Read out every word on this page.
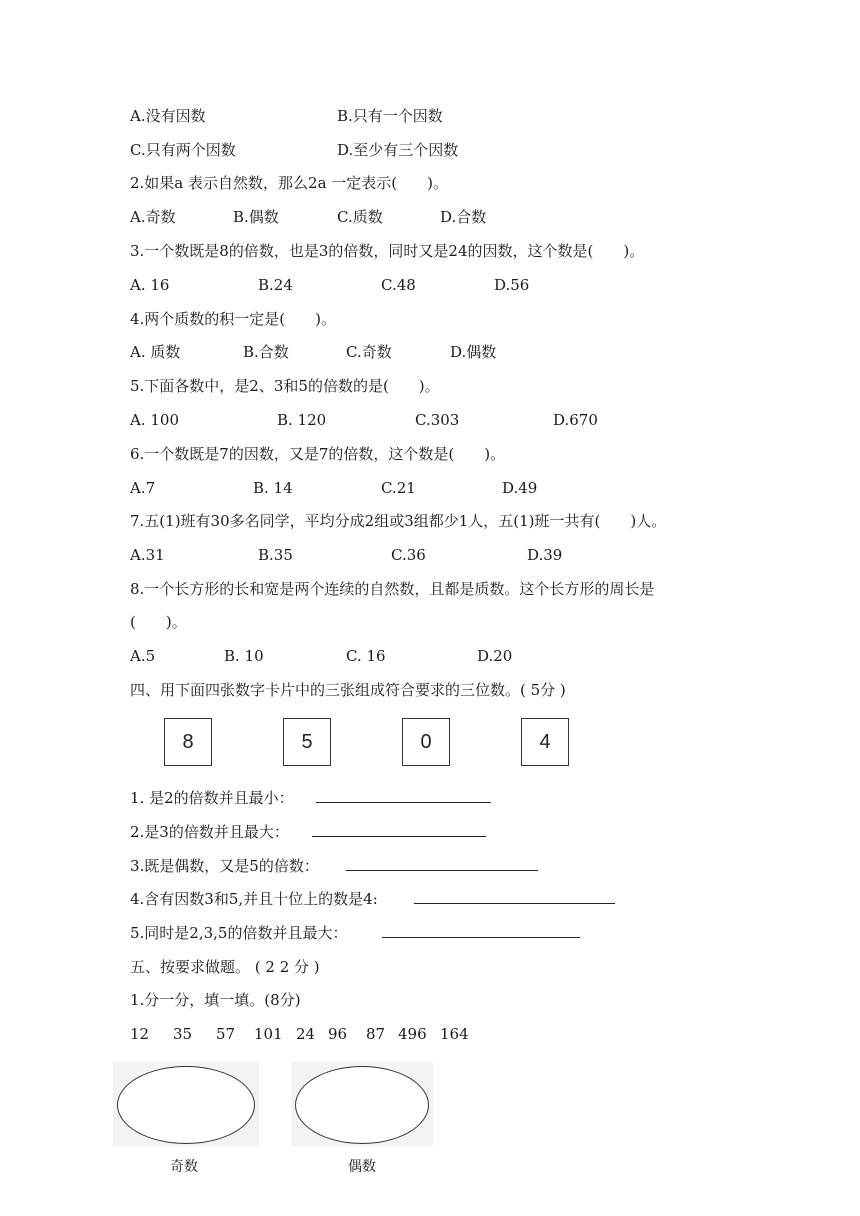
A.没有因数	B.只有一个因数
C.只有两个因数	D.至少有三个因数
2.如果a 表示自然数，那么2a 一定表示(　　)。
A.奇数	B.偶数	C.质数	D.合数
3.一个数既是8的倍数，也是3的倍数，同时又是24的因数，这个数是(　　)。
A. 16	B.24	C.48	D.56
4.两个质数的积一定是(　　)。
A. 质数	B.合数	C.奇数	D.偶数
5.下面各数中，是2、3和5的倍数的是(　　)。
A. 100	B. 120	C.303	D.670
6.一个数既是7的因数，又是7的倍数，这个数是(　　)。
A.7	B. 14	C.21	D.49
7.五(1)班有30多名同学，平均分成2组或3组都少1人，五(1)班一共有(　　)人。
A.31	B.35	C.36	D.39
8.一个长方形的长和宽是两个连续的自然数，且都是质数。这个长方形的周长是
(　　)。
A.5	B. 10	C. 16	D.20
四、用下面四张数字卡片中的三张组成符合要求的三位数。( 5分 )
8	5	0	4
1. 是2的倍数并且最小：
2.是3的倍数并且最大：
3.既是偶数，又是5的倍数：
4.含有因数3和5,并且十位上的数是4:
5.同时是2,3,5的倍数并且最大：
五、按要求做题。 ( 2 2 分 )
1.分一分，填一填。(8分)
12 35 57 101 24 96 87 496 164
奇数	偶数
